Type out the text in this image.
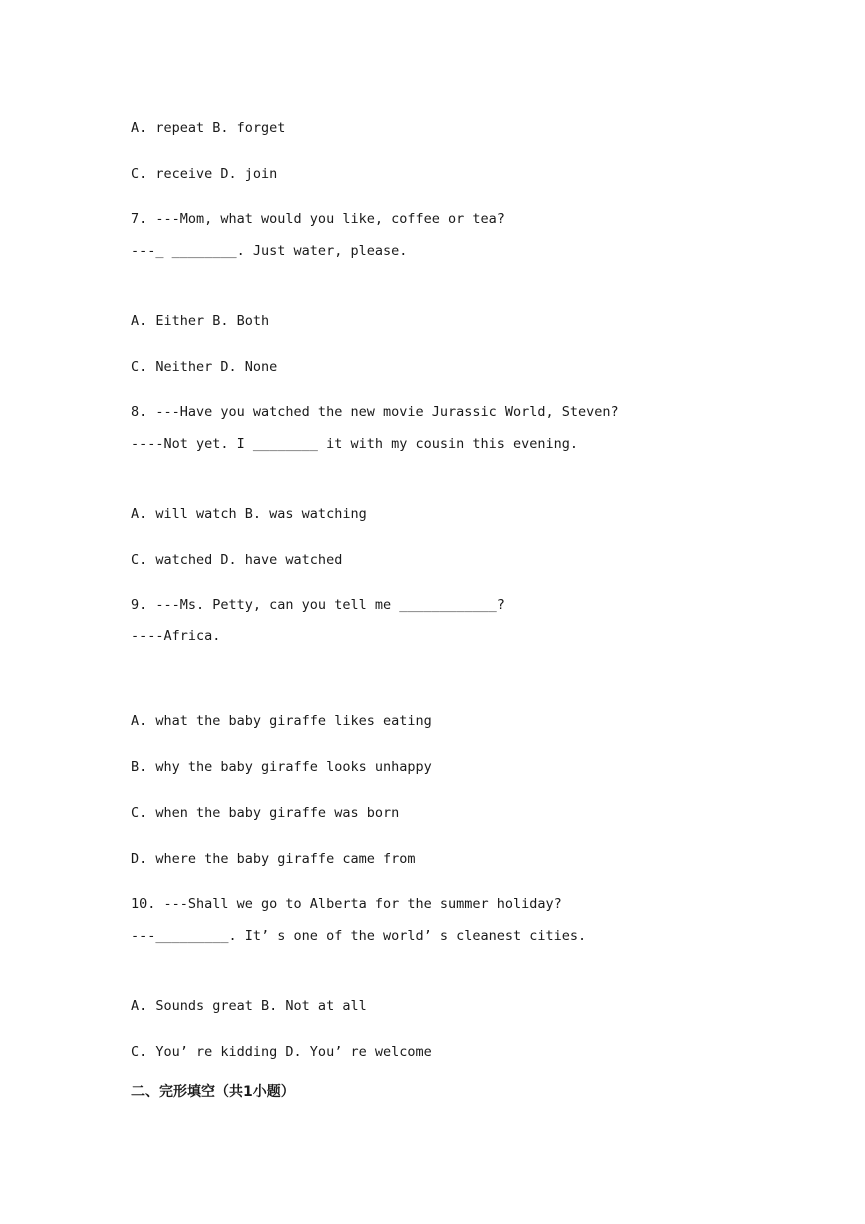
A. repeat B. forget
C. receive D. join
7. ---Mom, what would you like, coffee or tea?
---_ ________. Just water, please.
A. Either B. Both
C. Neither D. None
8. ---Have you watched the new movie Jurassic World, Steven?
----Not yet. I ________ it with my cousin this evening.
A. will watch B. was watching
C. watched D. have watched
9. ---Ms. Petty, can you tell me ____________?
----Africa.
A. what the baby giraffe likes eating
B. why the baby giraffe looks unhappy
C. when the baby giraffe was born
D. where the baby giraffe came from
10. ---Shall we go to Alberta for the summer holiday?
---_________. It’ s one of the world’ s cleanest cities.
A. Sounds great B. Not at all
C. You’ re kidding D. You’ re welcome
二、完形填空（共1小题）
